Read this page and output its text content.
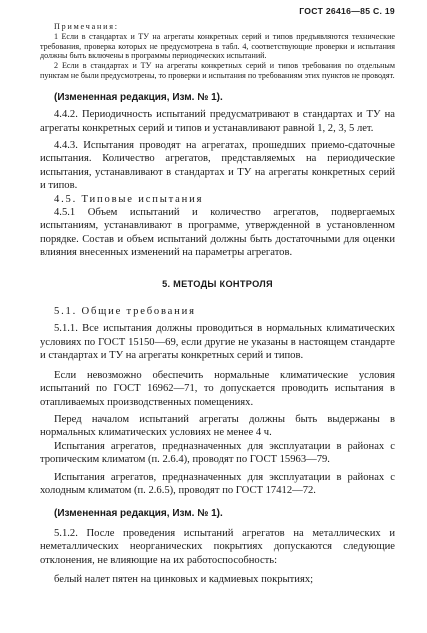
ГОСТ 26416—85 С. 19

Примечания:

1 Если в стандартах и ТУ на агрегаты конкретных серий и типов предъявляются технические требования, проверка которых не предусмотрена в табл. 4, соответствующие проверки и испытания должны быть включены в программы периодических испытаний.

2 Если в стандартах и ТУ на агрегаты конкретных серий и типов требования по отдельным пунктам не были предусмотрены, то проверки и испытания по требованиям этих пунктов не проводят.

(Измененная редакция, Изм. № 1).

4.4.2. Периодичность испытаний предусматривают в стандартах и ТУ на агрегаты конкретных серий и типов и устанавливают равной 1, 2, 3, 5 лет.

4.4.3. Испытания проводят на агрегатах, прошедших приемо-сдаточные испытания. Количество агрегатов, представляемых на периодические испытания, устанавливают в стандартах и ТУ на агрегаты конкретных серий и типов.

4.5. Типовые испытания

4.5.1 Объем испытаний и количество агрегатов, подвергаемых испытаниям, устанавливают в программе, утвержденной в установленном порядке. Состав и объем испытаний должны быть достаточными для оценки влияния внесенных изменений на параметры агрегатов.

5. МЕТОДЫ КОНТРОЛЯ

5.1. Общие требования

5.1.1. Все испытания должны проводиться в нормальных климатических условиях по ГОСТ 15150—69, если другие не указаны в настоящем стандарте и стандартах и ТУ на агрегаты конкретных серий и типов.

Если невозможно обеспечить нормальные климатические условия испытаний по ГОСТ 16962—71, то допускается проводить испытания в отапливаемых производственных помещениях.

Перед началом испытаний агрегаты должны быть выдержаны в нормальных климатических условиях не менее 4 ч.

Испытания агрегатов, предназначенных для эксплуатации в районах с тропическим климатом (п. 2.6.4), проводят по ГОСТ 15963—79.

Испытания агрегатов, предназначенных для эксплуатации в районах с холодным климатом (п. 2.6.5), проводят по ГОСТ 17412—72.

(Измененная редакция, Изм. № 1).

5.1.2. После проведения испытаний агрегатов на металлических и неметаллических неорганических покрытиях допускаются следующие отклонения, не влияющие на их работоспособность:

белый налет пятен на цинковых и кадмиевых покрытиях;
